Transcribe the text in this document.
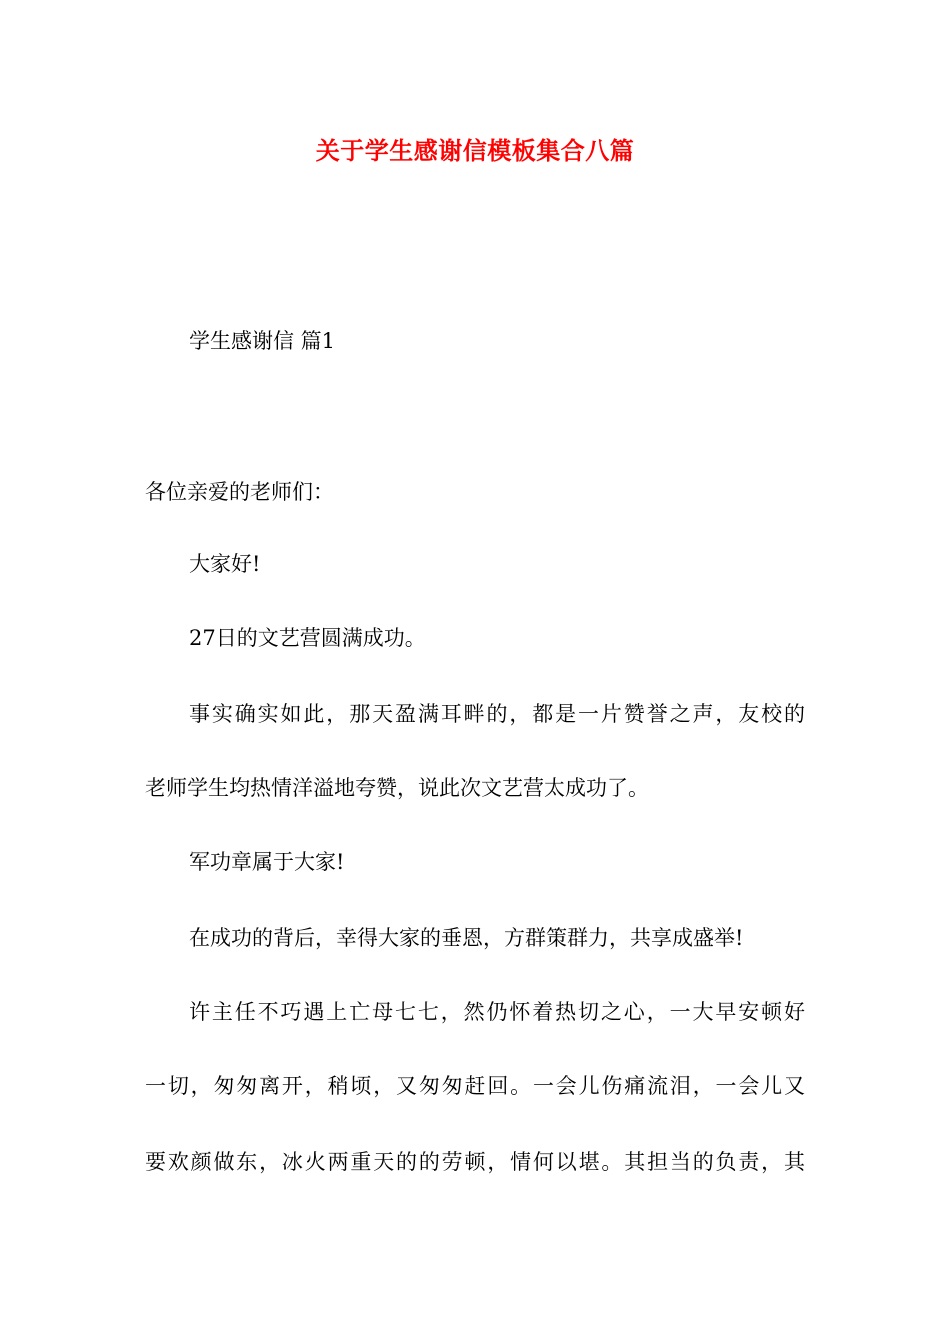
关于学生感谢信模板集合八篇
学生感谢信 篇1
各位亲爱的老师们：
大家好!
27日的文艺营圆满成功。
事实确实如此，那天盈满耳畔的，都是一片赞誉之声，友校的
老师学生均热情洋溢地夸赞，说此次文艺营太成功了。
军功章属于大家!
在成功的背后，幸得大家的垂恩，方群策群力，共享成盛举!
许主任不巧遇上亡母七七，然仍怀着热切之心，一大早安顿好
一切，匆匆离开，稍顷，又匆匆赶回。一会儿伤痛流泪，一会儿又
要欢颜做东，冰火两重天的的劳顿，情何以堪。其担当的负责，其
